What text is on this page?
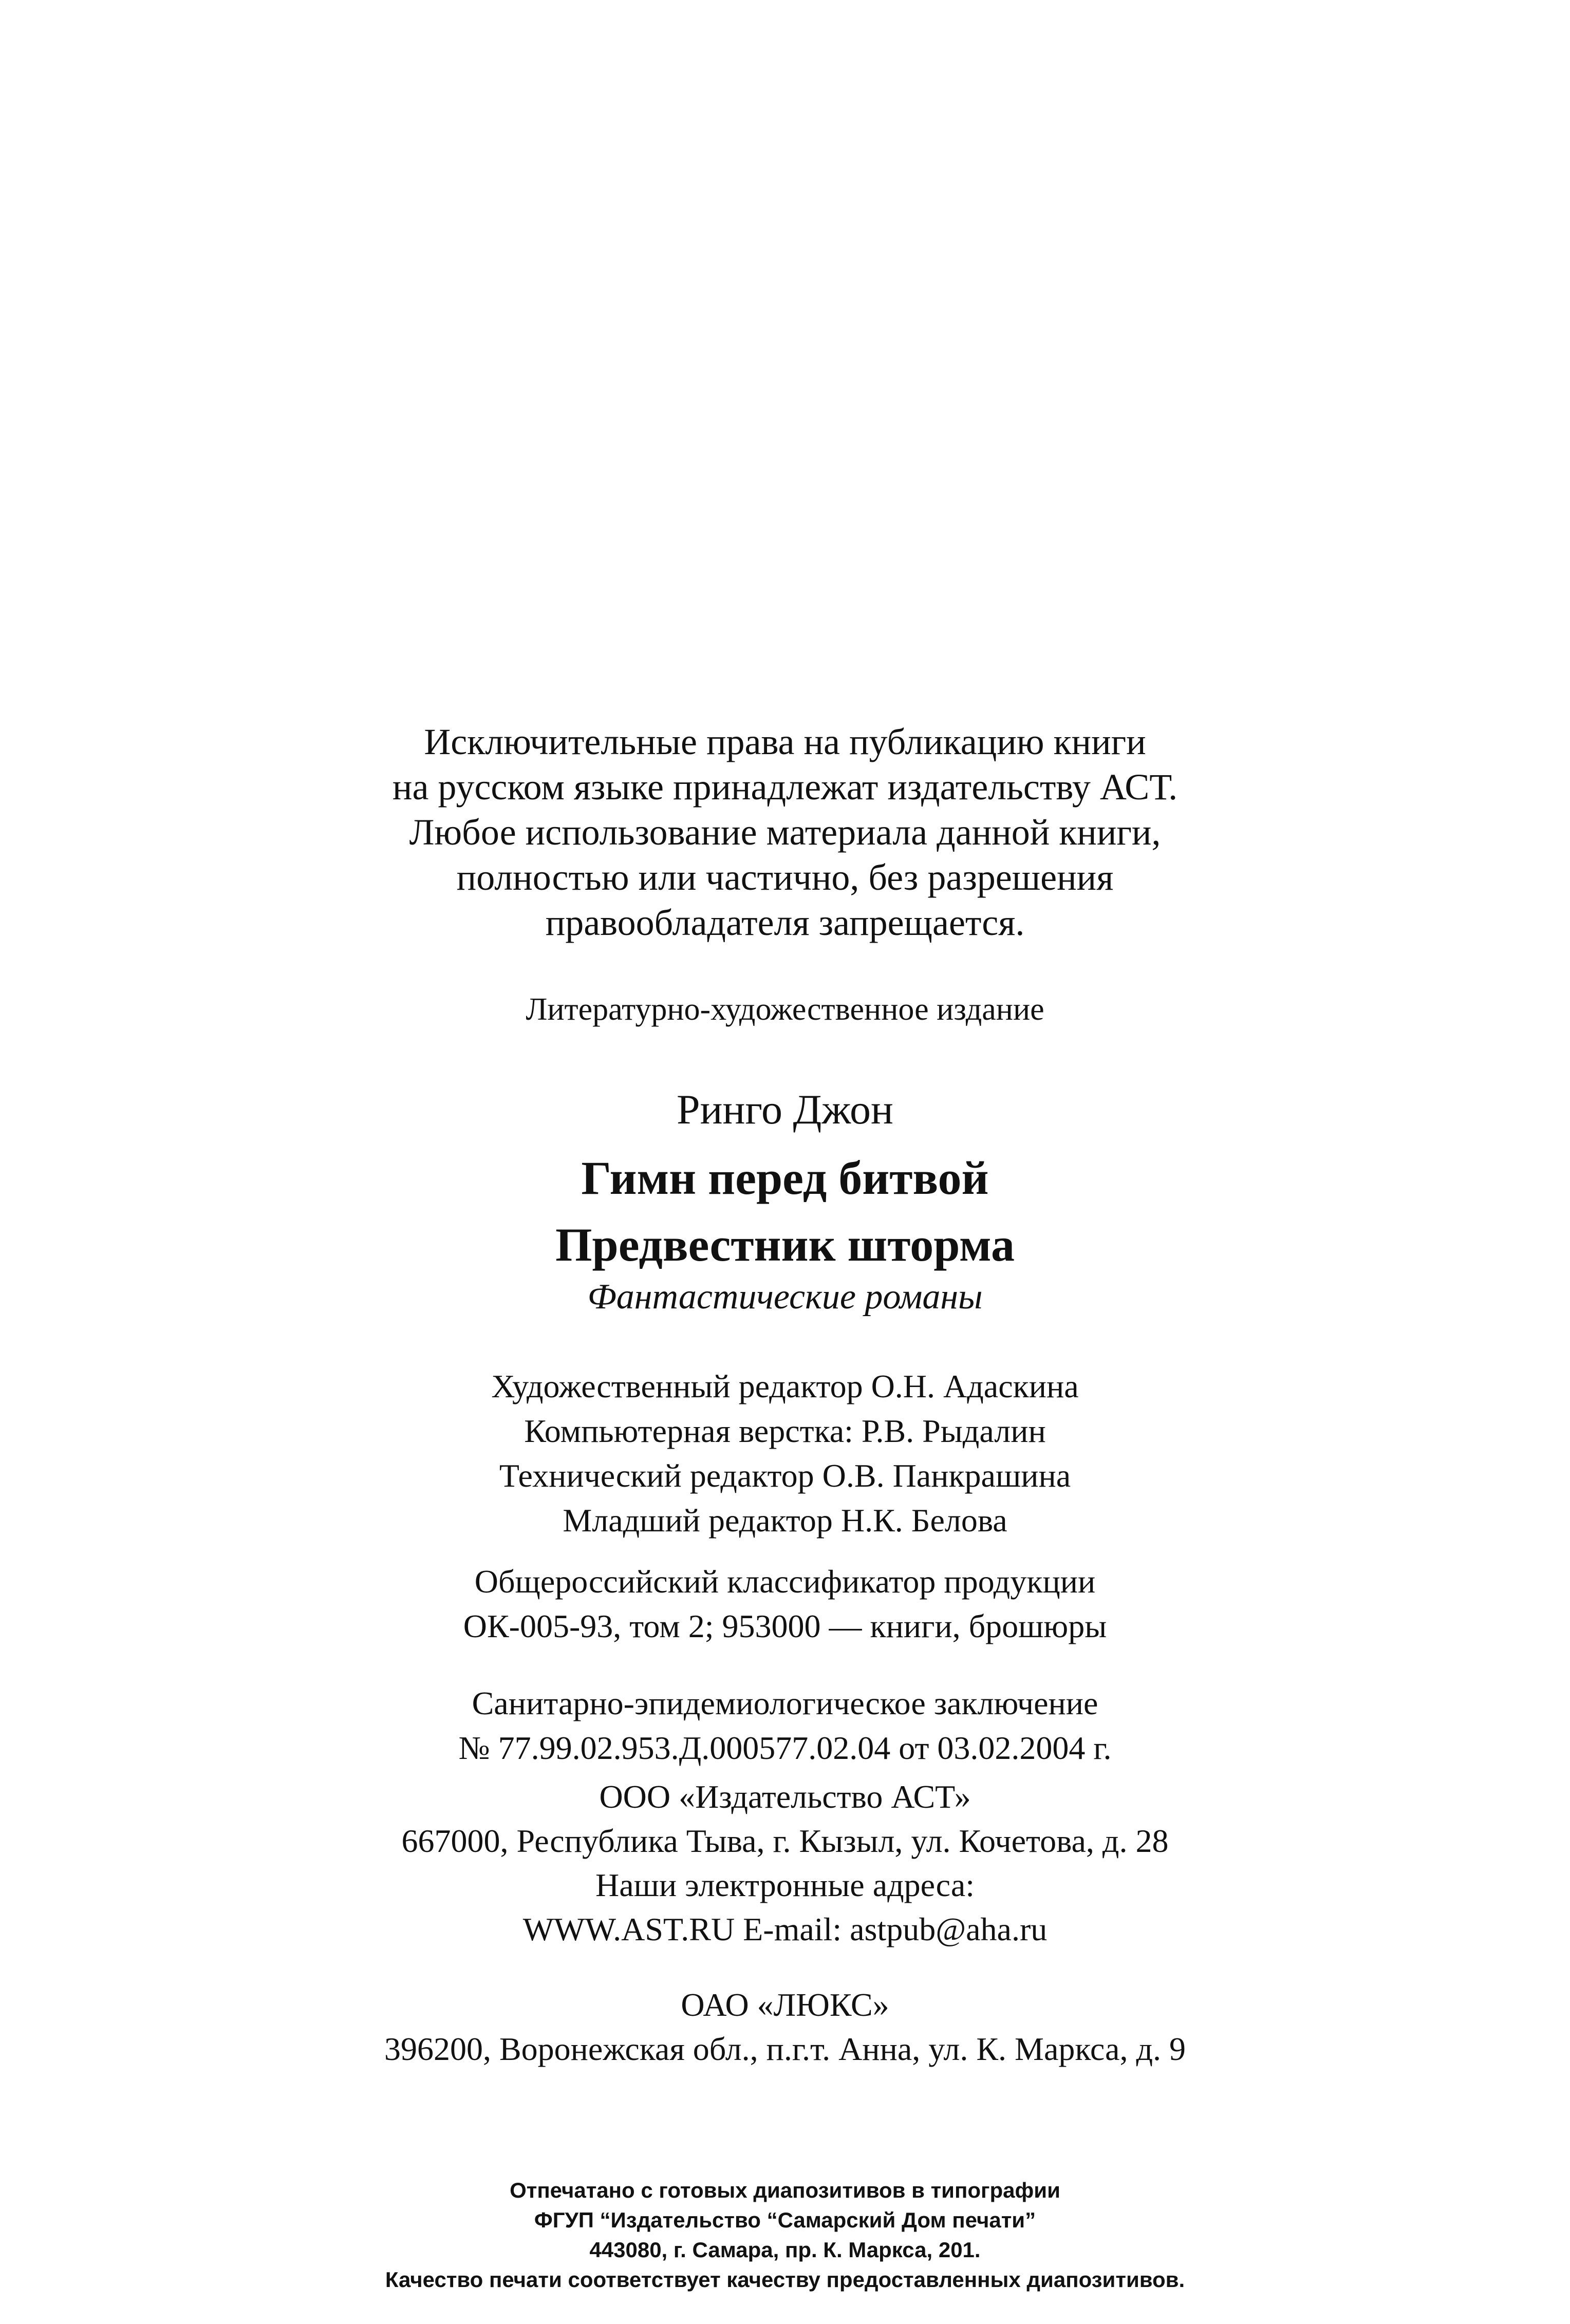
Исключительные права на публикацию книги
на русском языке принадлежат издательству АСТ.
Любое использование материала данной книги,
полностью или частично, без разрешения
правообладателя запрещается.
Литературно-художественное издание
Ринго Джон
Гимн перед битвой
Предвестник шторма
Фантастические романы
Художественный редактор О.Н. Адаскина
Компьютерная верстка: Р.В. Рыдалин
Технический редактор О.В. Панкрашина
Младший редактор Н.К. Белова
Общероссийский классификатор продукции
ОК-005-93, том 2; 953000 — книги, брошюры
Санитарно-эпидемиологическое заключение
№ 77.99.02.953.Д.000577.02.04 от 03.02.2004 г.
ООО «Издательство АСТ»
667000, Республика Тыва, г. Кызыл, ул. Кочетова, д. 28
Наши электронные адреса:
WWW.AST.RU E-mail: astpub@aha.ru
ОАО «ЛЮКС»
396200, Воронежская обл., п.г.т. Анна, ул. К. Маркса, д. 9
Отпечатано с готовых диапозитивов в типографии
ФГУП “Издательство “Самарский Дом печати”
443080, г. Самара, пр. К. Маркса, 201.
Качество печати соответствует качеству предоставленных диапозитивов.
